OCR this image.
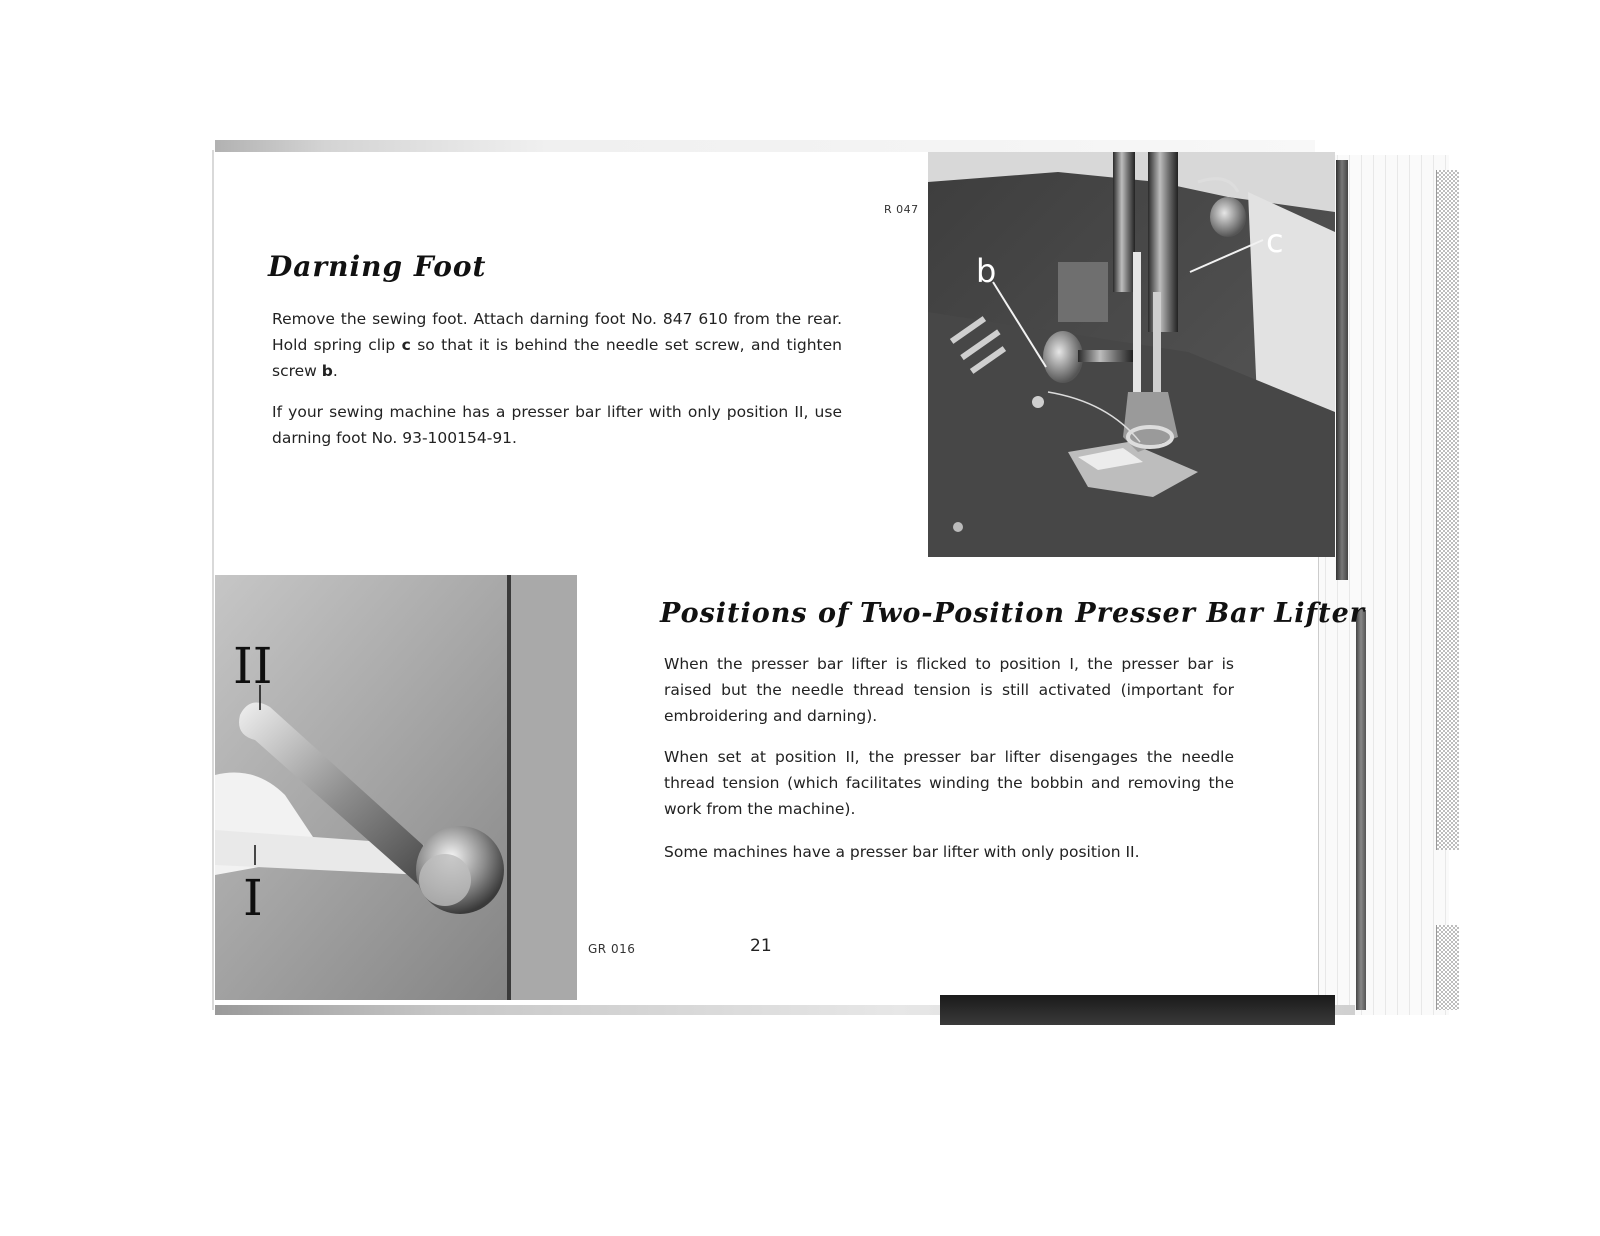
b
c
II
I
R 047
Darning Foot

Remove the sewing foot. Attach darning foot No. 847 610 from the rear. Hold spring clip c so that it is behind the needle set screw, and tighten screw b.

If your sewing machine has a presser bar lifter with only position II, use darning foot No. 93-100154-91.

Positions of Two-Position Presser Bar Lifter

When the presser bar lifter is flicked to position I, the presser bar is raised but the needle thread tension is still activated (important for embroidering and darning).

When set at position II, the presser bar lifter disengages the needle thread tension (which facilitates winding the bobbin and removing the work from the machine).

Some machines have a presser bar lifter with only position II.

GR 016	21
